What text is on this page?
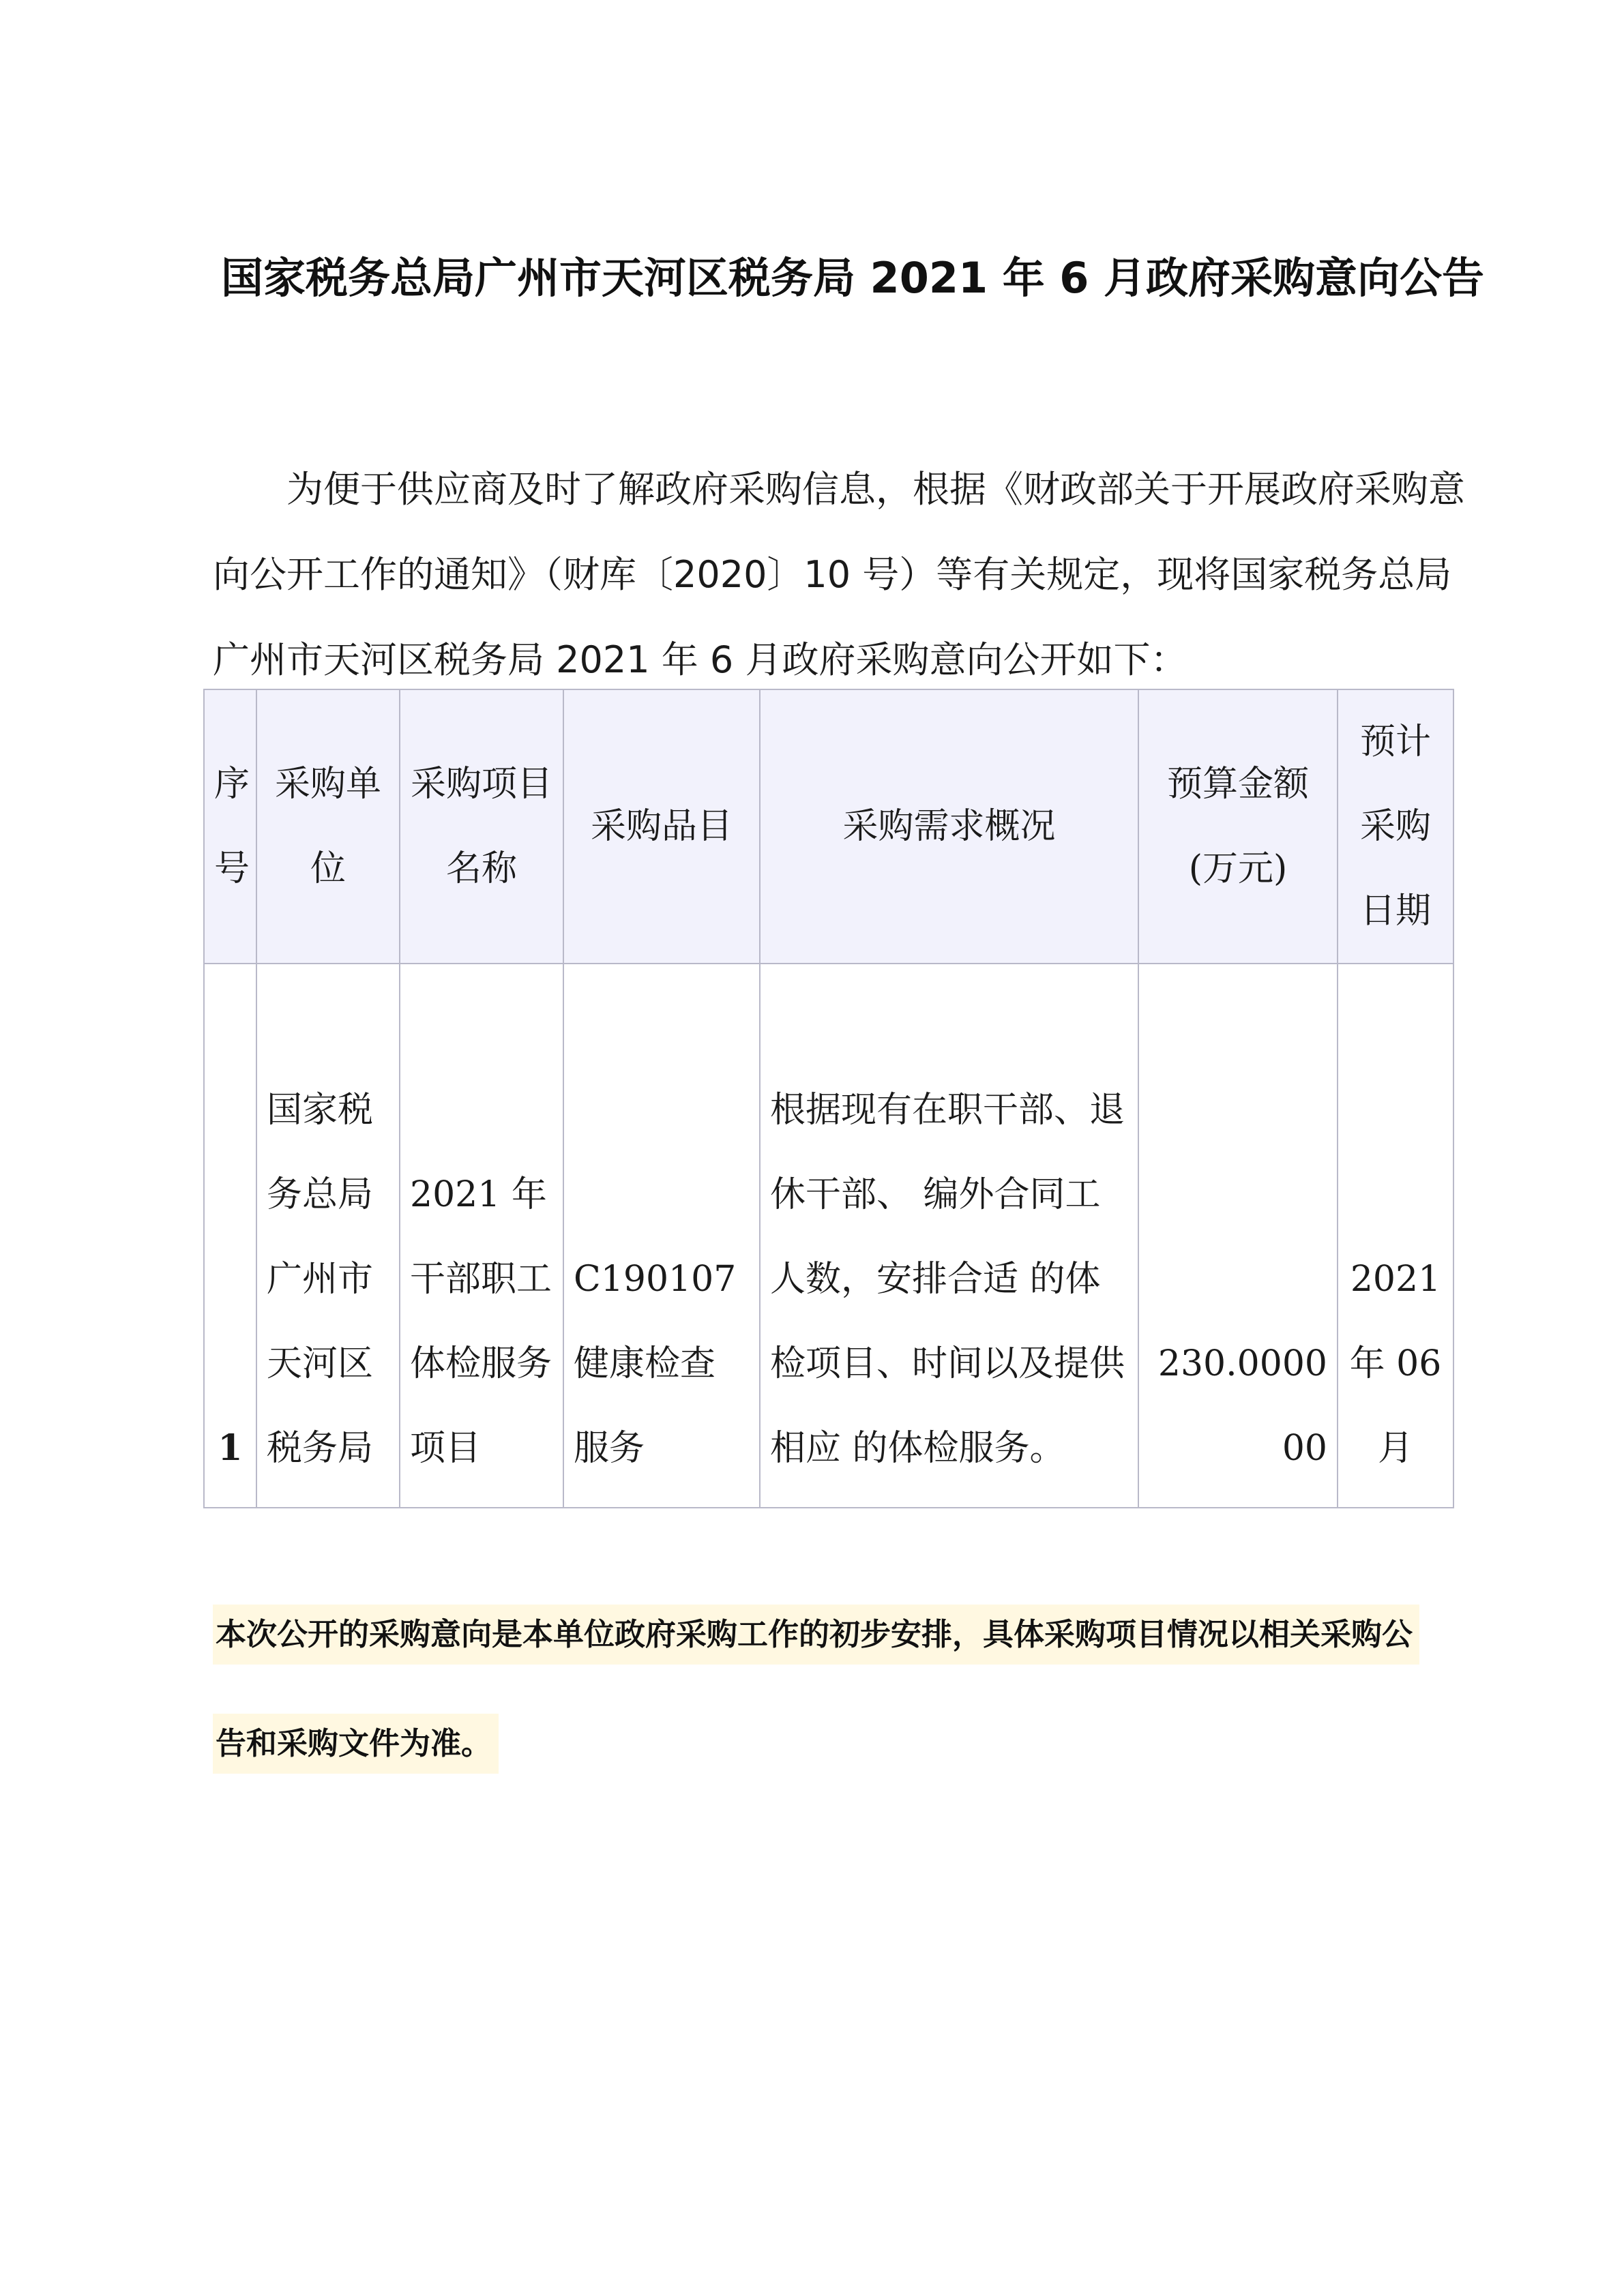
国家税务总局广州市天河区税务局 2021 年 6 月政府采购意向公告

为便于供应商及时了解政府采购信息，根据《财政部关于开展政府采购意

向公开工作的通知》（财库〔2020〕10 号）等有关规定，现将国家税务总局

广州市天河区税务局 2021 年 6 月政府采购意向公开如下：

序号	采购单位	采购项目名称	采购品目	采购需求概况	预算金额(万元)	预计采购日期
1	国家税务总局广州市天河区税务局	2021 年干部职工体检服务项目	C190107 健康检查服务	根据现有在职干部、退休干部、 编外合同工人数，安排合适 的体检项目、时间以及提供相应 的体检服务。	230.000000	2021 年 06 月
本次公开的采购意向是本单位政府采购工作的初步安排，具体采购项目情况以相关采购公
告和采购文件为准。
